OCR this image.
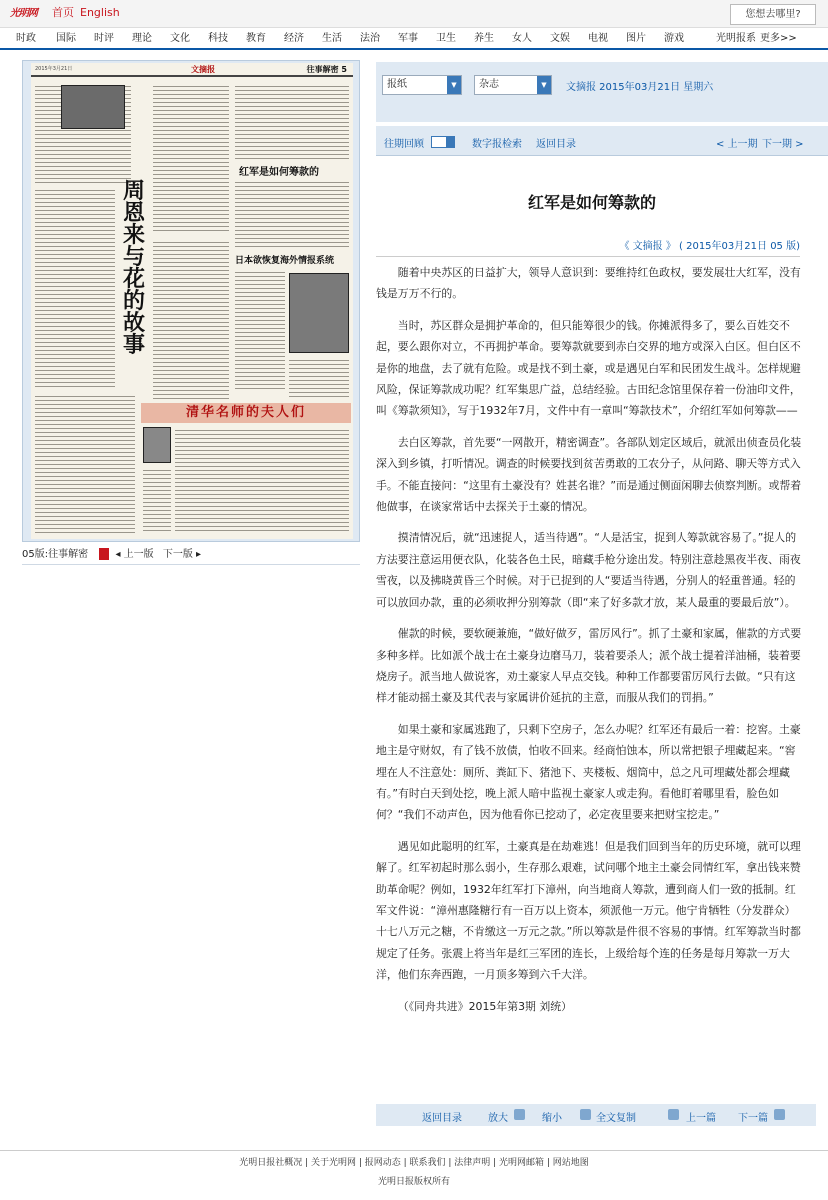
光明网	首页 English	您想去哪里?
时政 国际 时评 理论 文化 科技 教育 经济 生活 法治 军事 卫生 养生 女人 文娱 电视 图片 游戏	光明报系 更多>>
2015年3月21日	文摘报	往事解密 5
周恩来与花的故事
红军是如何筹款的
日本欲恢复海外情报系统
清华名师的夫人们
05版:往事解密	◂ 上一版 下一版 ▸
报纸	▼	杂志	▼	文摘报 2015年03月21日 星期六
往期回顾	数字报检索 返回目录	< 上一期 下一期 >
红军是如何筹款的
《 文摘报 》 ( 2015年03月21日 05 版)

随着中央苏区的日益扩大，领导人意识到：要维持红色政权，要发展壮大红军，没有钱是万万不行的。

当时，苏区群众是拥护革命的，但只能筹很少的钱。你摊派得多了，要么百姓交不起，要么跟你对立，不再拥护革命。要筹款就要到赤白交界的地方或深入白区。但白区不是你的地盘，去了就有危险。或是找不到土豪，或是遇见白军和民团发生战斗。怎样规避风险，保证筹款成功呢？红军集思广益，总结经验。古田纪念馆里保存着一份油印文件，叫《筹款须知》，写于1932年7月，文件中有一章叫“筹款技术”，介绍红军如何筹款——

去白区筹款，首先要“一网散开，精密调查”。各部队划定区域后，就派出侦查员化装深入到乡镇，打听情况。调查的时候要找到贫苦勇敢的工农分子，从问路、聊天等方式入手。不能直接问：“这里有土豪没有？姓甚名谁？”而是通过侧面闲聊去侦察判断。或帮着他做事，在谈家常话中去探关于土豪的情况。

摸清情况后，就“迅速捉人，适当待遇”。“人是活宝，捉到人筹款就容易了。”捉人的方法要注意运用便衣队，化装各色土民，暗藏手枪分途出发。特别注意趁黑夜半夜、雨夜雪夜，以及拂晓黄昏三个时候。对于已捉到的人“要适当待遇，分别人的轻重普通。轻的可以放回办款，重的必须收押分别筹款（即“来了好多款才放，某人最重的要最后放”）。

催款的时候，要软硬兼施，“做好做歹，雷厉风行”。抓了土豪和家属，催款的方式要多种多样。比如派个战士在土豪身边磨马刀，装着要杀人；派个战士提着洋油桶，装着要烧房子。派当地人做说客，劝土豪家人早点交钱。种种工作都要雷厉风行去做。“只有这样才能动摇土豪及其代表与家属讲价延抗的主意，而服从我们的罚捐。”

如果土豪和家属逃跑了，只剩下空房子，怎么办呢？红军还有最后一着：挖窖。土豪地主是守财奴，有了钱不放债，怕收不回来。经商怕蚀本，所以常把银子埋藏起来。“窖埋在人不注意处：厕所、粪缸下、猪池下、夹楼板、烟筒中，总之凡可埋藏处都会埋藏有。”有时白天到处挖，晚上派人暗中监视土豪家人或走狗。看他盯着哪里看，脸色如何？“我们不动声色，因为他看你已挖动了，必定夜里要来把财宝挖走。”

遇见如此聪明的红军，土豪真是在劫难逃！但是我们回到当年的历史环境，就可以理解了。红军初起时那么弱小，生存那么艰难，试问哪个地主土豪会同情红军，拿出钱来赞助革命呢？例如，1932年红军打下漳州，向当地商人筹款，遭到商人们一致的抵制。红军文件说：“漳州惠隆糖行有一百万以上资本，须派他一万元。他宁肯牺牲（分发群众）十七八万元之糖，不肯缴这一万元之款。”所以筹款是件很不容易的事情。红军筹款当时都规定了任务。张震上将当年是红三军团的连长，上级给每个连的任务是每月筹款一万大洋，他们东奔西跑，一月顶多筹到六千大洋。

（《同舟共进》2015年第3期 刘统）

返回目录	放大	缩小	全文复制	上一篇 下一篇
光明日报社概况 | 关于光明网 | 报网动态 | 联系我们 | 法律声明 | 光明网邮箱 | 网站地图
光明日报版权所有
